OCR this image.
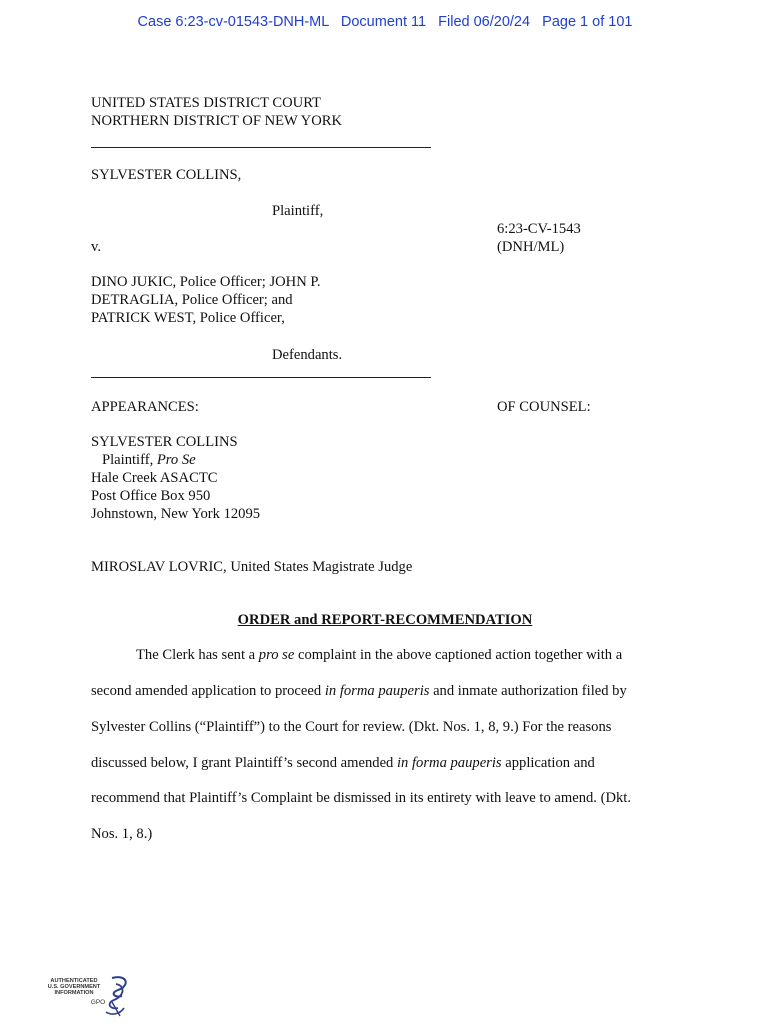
Case 6:23-cv-01543-DNH-ML Document 11 Filed 06/20/24 Page 1 of 101
UNITED STATES DISTRICT COURT
NORTHERN DISTRICT OF NEW YORK
SYLVESTER COLLINS,
Plaintiff,
6:23-CV-1543
(DNH/ML)
v.
DINO JUKIC, Police Officer; JOHN P.
DETRAGLIA, Police Officer; and
PATRICK WEST, Police Officer,
Defendants.
APPEARANCES:	OF COUNSEL:
SYLVESTER COLLINS
Plaintiff, Pro Se
Hale Creek ASACTC
Post Office Box 950
Johnstown, New York 12095
MIROSLAV LOVRIC, United States Magistrate Judge
ORDER and REPORT-RECOMMENDATION
The Clerk has sent a pro se complaint in the above captioned action together with a
second amended application to proceed in forma pauperis and inmate authorization filed by
Sylvester Collins (“Plaintiff”) to the Court for review. (Dkt. Nos. 1, 8, 9.) For the reasons
discussed below, I grant Plaintiff’s second amended in forma pauperis application and
recommend that Plaintiff’s Complaint be dismissed in its entirety with leave to amend. (Dkt.
Nos. 1, 8.)
AUTHENTICATED
U.S. GOVERNMENT
INFORMATION
GPO
